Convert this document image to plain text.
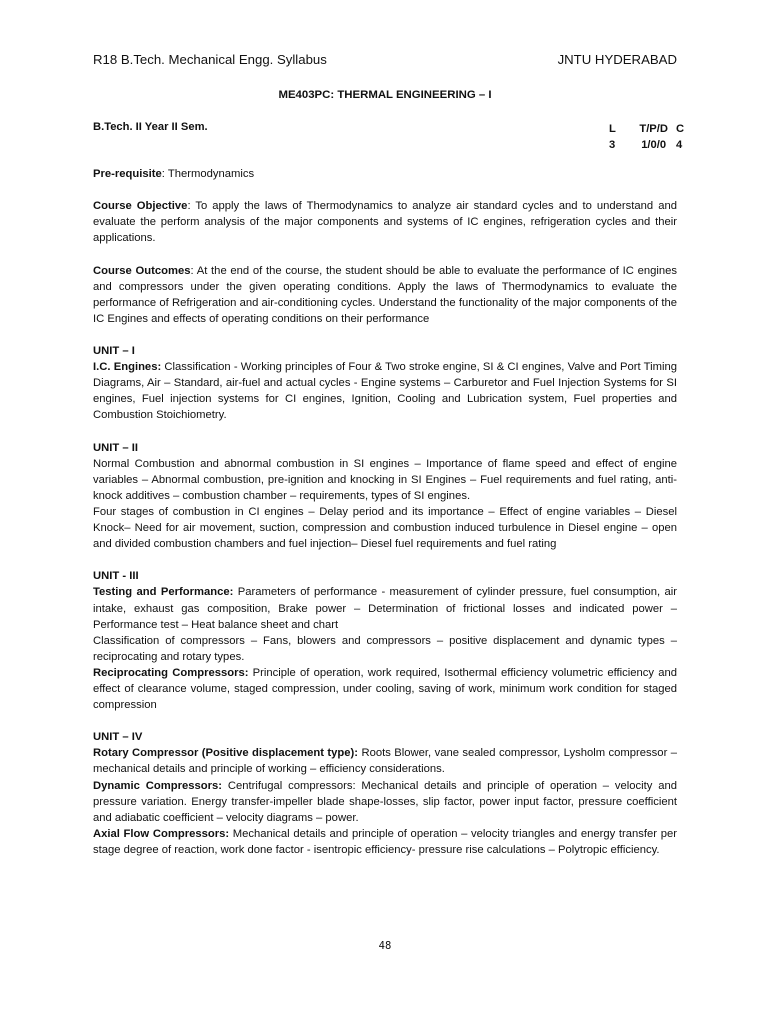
R18 B.Tech. Mechanical Engg. Syllabus	JNTU HYDERABAD
ME403PC: THERMAL ENGINEERING – I
B.Tech. II Year II Sem.	L	T/P/D C
3	1/0/0 4

Pre-requisite: Thermodynamics

Course Objective: To apply the laws of Thermodynamics to analyze air standard cycles and to understand and evaluate the perform analysis of the major components and systems of IC engines, refrigeration cycles and their applications.

Course Outcomes: At the end of the course, the student should be able to evaluate the performance of IC engines and compressors under the given operating conditions. Apply the laws of Thermodynamics to evaluate the performance of Refrigeration and air-conditioning cycles. Understand the functionality of the major components of the IC Engines and effects of operating conditions on their performance

UNIT – I
I.C. Engines: Classification - Working principles of Four & Two stroke engine, SI & CI engines, Valve and Port Timing Diagrams, Air – Standard, air-fuel and actual cycles - Engine systems – Carburetor and Fuel Injection Systems for SI engines, Fuel injection systems for CI engines, Ignition, Cooling and Lubrication system, Fuel properties and Combustion Stoichiometry.
UNIT – II
Normal Combustion and abnormal combustion in SI engines – Importance of flame speed and effect of engine variables – Abnormal combustion, pre-ignition and knocking in SI Engines – Fuel requirements and fuel rating, anti-knock additives – combustion chamber – requirements, types of SI engines.
Four stages of combustion in CI engines – Delay period and its importance – Effect of engine variables – Diesel Knock– Need for air movement, suction, compression and combustion induced turbulence in Diesel engine – open and divided combustion chambers and fuel injection– Diesel fuel requirements and fuel rating
UNIT - III
Testing and Performance: Parameters of performance - measurement of cylinder pressure, fuel consumption, air intake, exhaust gas composition, Brake power – Determination of frictional losses and indicated power – Performance test – Heat balance sheet and chart
Classification of compressors – Fans, blowers and compressors – positive displacement and dynamic types – reciprocating and rotary types.
Reciprocating Compressors: Principle of operation, work required, Isothermal efficiency volumetric efficiency and effect of clearance volume, staged compression, under cooling, saving of work, minimum work condition for staged compression
UNIT – IV
Rotary Compressor (Positive displacement type): Roots Blower, vane sealed compressor, Lysholm compressor – mechanical details and principle of working – efficiency considerations.
Dynamic Compressors: Centrifugal compressors: Mechanical details and principle of operation – velocity and pressure variation. Energy transfer-impeller blade shape-losses, slip factor, power input factor, pressure coefficient and adiabatic coefficient – velocity diagrams – power.
Axial Flow Compressors: Mechanical details and principle of operation – velocity triangles and energy transfer per stage degree of reaction, work done factor - isentropic efficiency- pressure rise calculations – Polytropic efficiency.
48
